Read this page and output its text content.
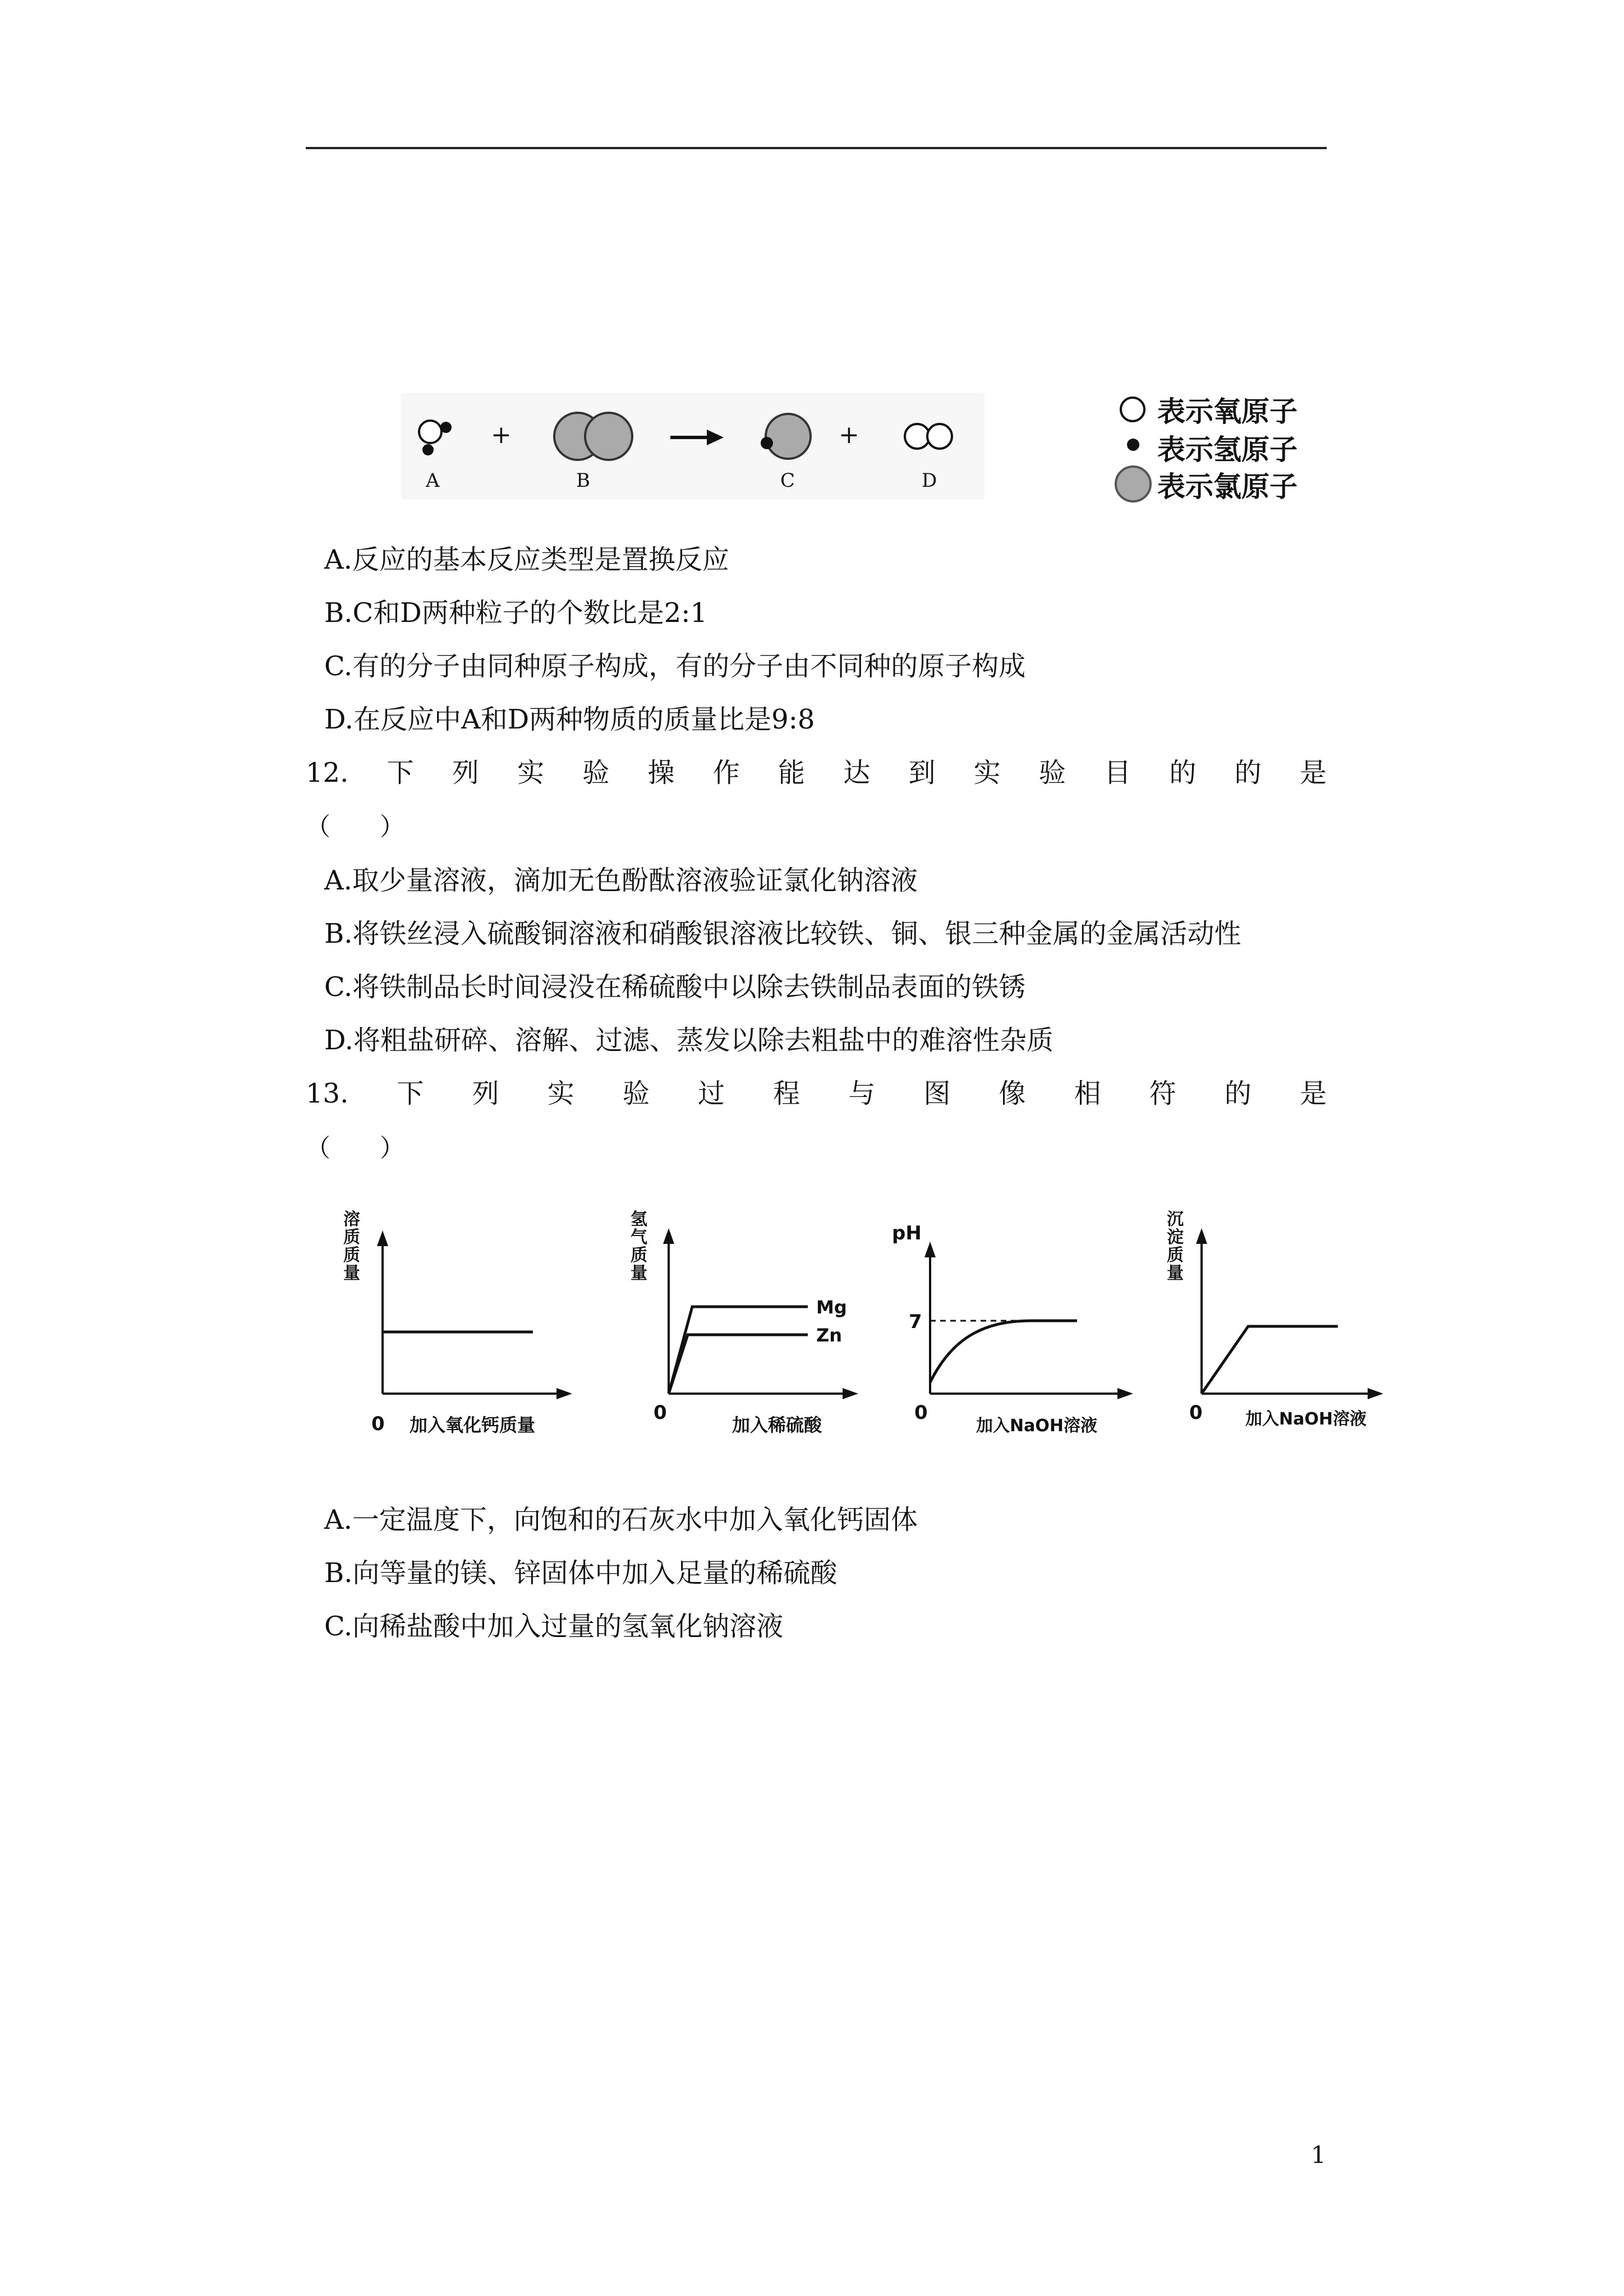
A
+
B	C
+
D
表示氧原子
表示氢原子
表示氯原子
A.反应的基本反应类型是置换反应
B.C和D两种粒子的个数比是2:1
C.有的分子由同种原子构成，有的分子由不同种的原子构成
D.在反应中A和D两种物质的质量比是9:8
12. 下 列 实 验 操 作 能 达 到 实 验 目 的 的 是
（　　）
A.取少量溶液，滴加无色酚酞溶液验证氯化钠溶液
B.将铁丝浸入硫酸铜溶液和硝酸银溶液比较铁、铜、银三种金属的金属活动性
C.将铁制品长时间浸没在稀硫酸中以除去铁制品表面的铁锈
D.将粗盐研碎、溶解、过滤、蒸发以除去粗盐中的难溶性杂质
13. 下 列 实 验 过 程 与 图 像 相 符 的 是
（　　）
溶质质量
0 加入氧化钙质量
氢气质量
Mg
Zn
0
加入稀硫酸
pH
7
0
加入NaOH溶液
沉淀质量
0	加入NaOH溶液
A.一定温度下，向饱和的石灰水中加入氧化钙固体
B.向等量的镁、锌固体中加入足量的稀硫酸
C.向稀盐酸中加入过量的氢氧化钠溶液
1
